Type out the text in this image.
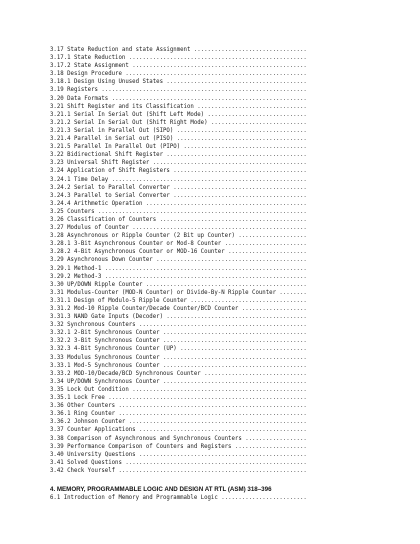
3.17 State Reduction and state Assignment .................................
3.17.1 State Reduction ....................................................
3.17.2 State Assignment ...................................................
3.18 Design Procedure .....................................................
3.18.1 Design Using Unused States .........................................
3.19 Registers ............................................................
3.20 Data Formats .........................................................
3.21 Shift Register and its Classification ................................
3.21.1 Serial In Serial Out (Shift Left Mode) .............................
3.21.2 Serial In Serial Out (Shift Right Mode) ............................
3.21.3 Serial in Parallel Out (SIPO) ......................................
3.21.4 Parallel in Serial out (PISO) ......................................
3.21.5 Parallel In Parallel Out (PIPO) ....................................
3.22 Bidirectional Shift Register .........................................
3.23 Universal Shift Register .............................................
3.24 Application of Shift Registers .......................................
3.24.1 Time Delay .........................................................
3.24.2 Serial to Parallel Converter .......................................
3.24.3 Parallel to Serial Converter .......................................
3.24.4 Arithmetic Operation ...............................................
3.25 Counters .............................................................
3.26 Classification of Counters ...........................................
3.27 Modulus of Counter ...................................................
3.28 Asynchronous or Ripple Counter (2 Bit up Counter) ....................
3.28.1 3-Bit Asynchronous Counter or Mod-8 Counter ........................
3.28.2 4-Bit Asynchronous Counter or MOD-16 Counter .......................
3.29 Asynchronous Down Counter ............................................
3.29.1 Method-1 ...........................................................
3.29.2 Method-3 ...........................................................
3.30 UP/DOWN Ripple Counter ...............................................
3.31 Modulus-Counter (MOD-N Counter) or Divide-By-N Ripple Counter ........
3.31.1 Design of Modulo-5 Ripple Counter ..................................
3.31.2 Mod-10 Ripple Counter/Decade Counter/BCD Counter ...................
3.31.3 NAND Gate Inputs (Decoder) .........................................
3.32 Synchronous Counters .................................................
3.32.1 2-Bit Synchronous Counter ..........................................
3.32.2 3-Bit Synchronous Counter ..........................................
3.32.3 4-Bit Synchronous Counter (UP) .....................................
3.33 Modulus Synchronous Counter ..........................................
3.33.1 Mod-5 Synchronous Counter ..........................................
3.33.2 MOD-10/Decade/BCD Synchronous Counter ..............................
3.34 UP/DOWN Synchronous Counter ..........................................
3.35 Lock Out Condition ...................................................
3.35.1 Lock Free ..........................................................
3.36 Other Counters .......................................................
3.36.1 Ring Counter .......................................................
3.36.2 Johnson Counter ....................................................
3.37 Counter Applications .................................................
3.38 Comparison of Asynchronous and Synchronous Counters ..................
3.39 Performance Comparison of Counters and Registers .....................
3.40 University Questions .................................................
3.41 Solved Questions .....................................................
3.42 Check Yourself .......................................................
4. MEMORY, PROGRAMMABLE LOGIC AND DESIGN AT RTL (ASM) 318–396
6.1 Introduction of Memory and Programmable Logic .........................
